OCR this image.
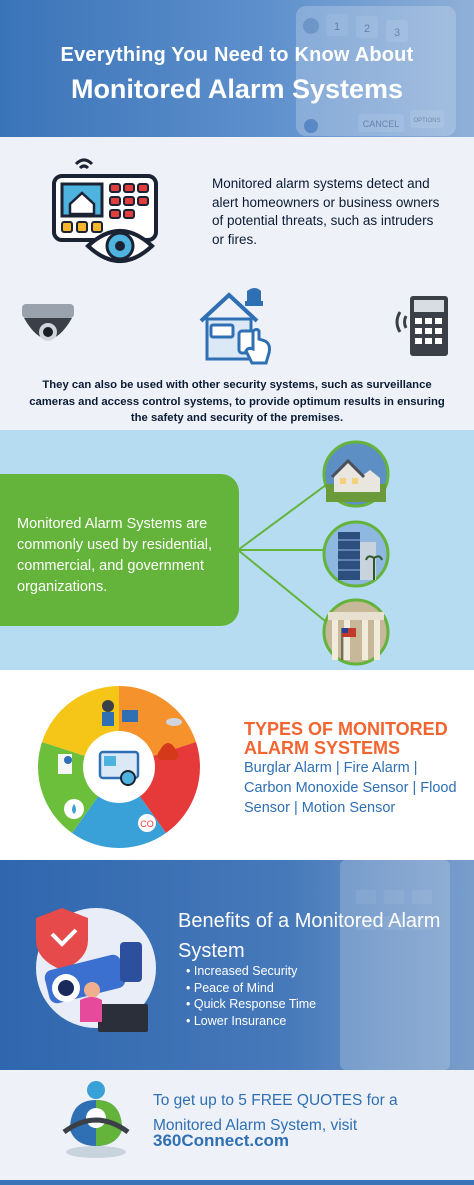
1 2 3
CANCEL OPTIONS
Everything You Need to Know About
Monitored Alarm Systems
Monitored alarm systems detect and alert homeowners or business owners of potential threats, such as intruders or fires.
They can also be used with other security systems, such as surveillance cameras and access control systems, to provide optimum results in ensuring the safety and security of the premises.
Monitored Alarm Systems are commonly used by residential, commercial, and government organizations.
CO
TYPES OF MONITORED ALARM SYSTEMS
Burglar Alarm | Fire Alarm | Carbon Monoxide Sensor | Flood Sensor | Motion Sensor
Benefits of a Monitored Alarm System
• Increased Security
• Peace of Mind
• Quick Response Time
• Lower Insurance
To get up to 5 FREE QUOTES for a Monitored Alarm System, visit
360Connect.com
